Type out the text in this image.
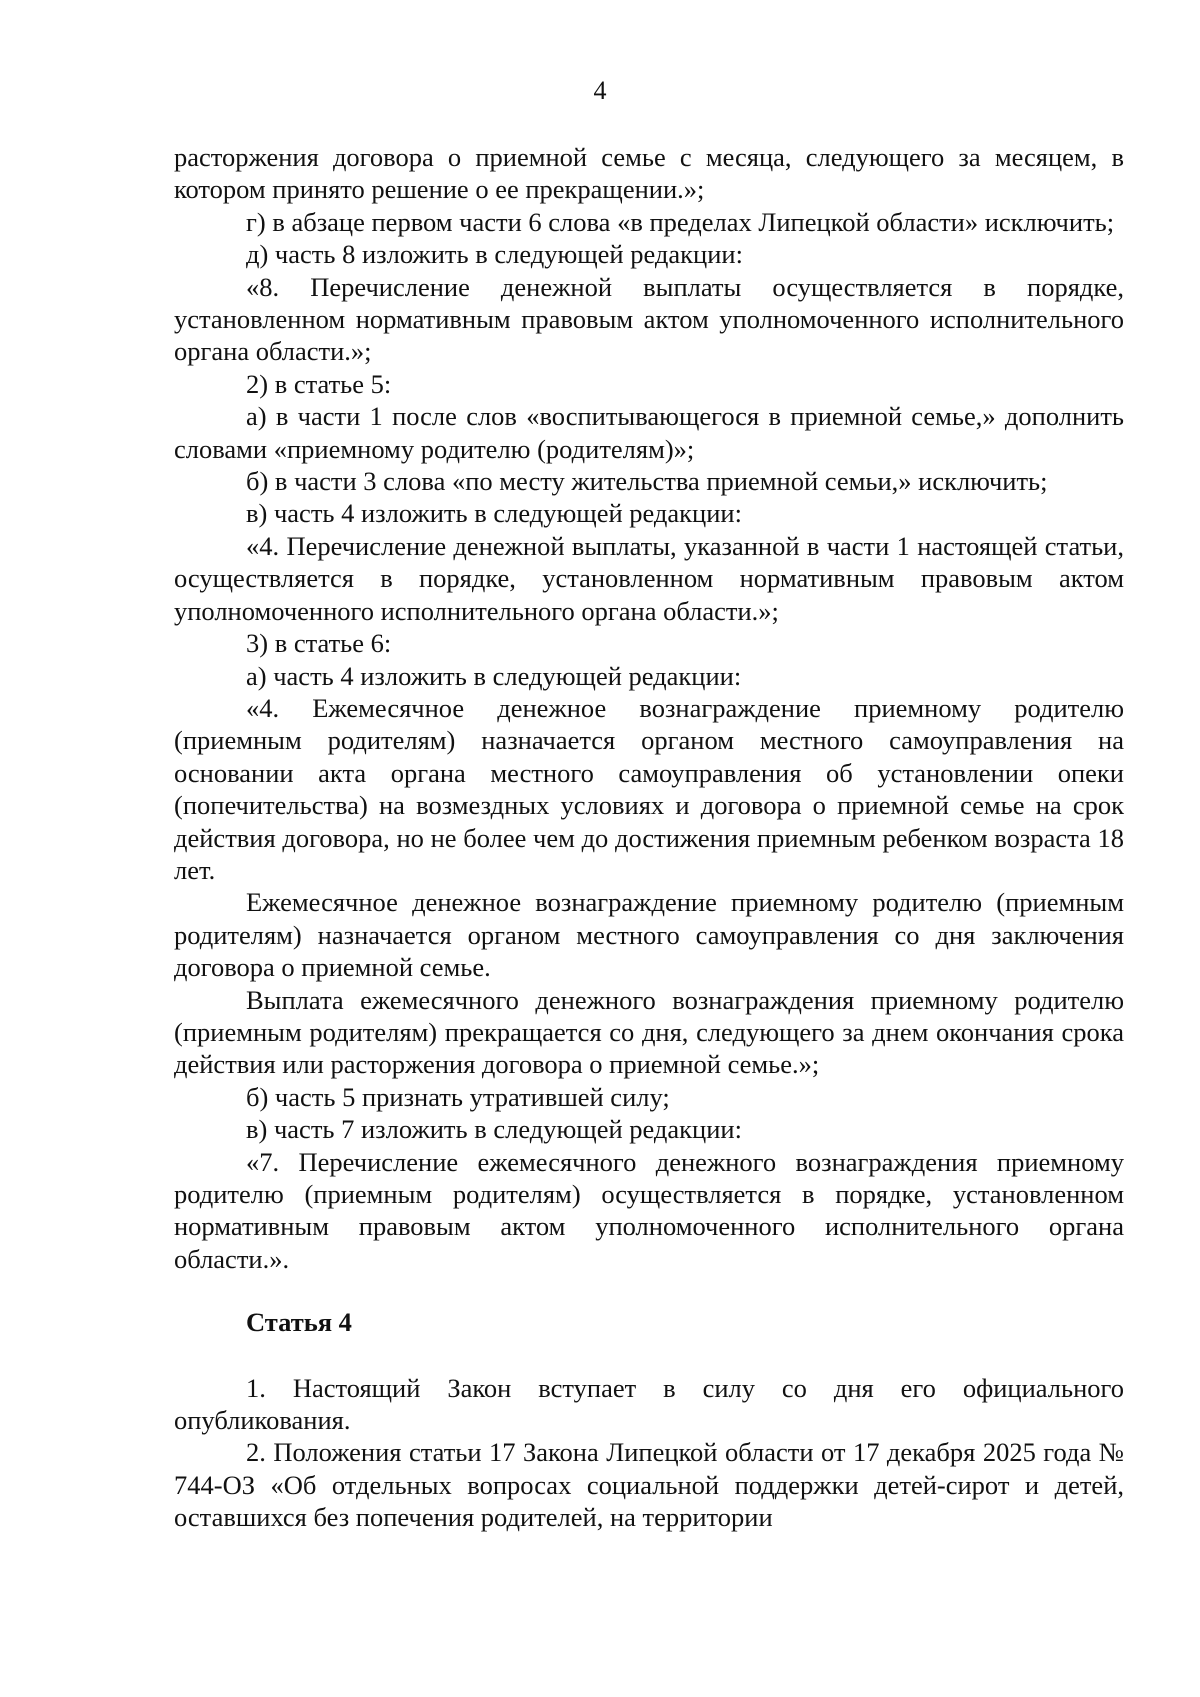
4

расторжения договора о приемной семье с месяца, следующего за месяцем, в котором принято решение о ее прекращении.»;

г) в абзаце первом части 6 слова «в пределах Липецкой области» исключить;

д) часть 8 изложить в следующей редакции:

«8. Перечисление денежной выплаты осуществляется в порядке, установленном нормативным правовым актом уполномоченного исполнительного органа области.»;

2) в статье 5:

а) в части 1 после слов «воспитывающегося в приемной семье,» дополнить словами «приемному родителю (родителям)»;

б) в части 3 слова «по месту жительства приемной семьи,» исключить;

в) часть 4 изложить в следующей редакции:

«4. Перечисление денежной выплаты, указанной в части 1 настоящей статьи, осуществляется в порядке, установленном нормативным правовым актом уполномоченного исполнительного органа области.»;

3) в статье 6:

а) часть 4 изложить в следующей редакции:

«4. Ежемесячное денежное вознаграждение приемному родителю (приемным родителям) назначается органом местного самоуправления на основании акта органа местного самоуправления об установлении опеки (попечительства) на возмездных условиях и договора о приемной семье на срок действия договора, но не более чем до достижения приемным ребенком возраста 18 лет.

Ежемесячное денежное вознаграждение приемному родителю (приемным родителям) назначается органом местного самоуправления со дня заключения договора о приемной семье.

Выплата ежемесячного денежного вознаграждения приемному родителю (приемным родителям) прекращается со дня, следующего за днем окончания срока действия или расторжения договора о приемной семье.»;

б) часть 5 признать утратившей силу;

в) часть 7 изложить в следующей редакции:

«7. Перечисление ежемесячного денежного вознаграждения приемному родителю (приемным родителям) осуществляется в порядке, установленном нормативным правовым актом уполномоченного исполнительного органа области.».

Статья 4

1. Настоящий Закон вступает в силу со дня его официального опубликования.

2. Положения статьи 17 Закона Липецкой области от 17 декабря 2025 года № 744-ОЗ «Об отдельных вопросах социальной поддержки детей-сирот и детей, оставшихся без попечения родителей, на территории
